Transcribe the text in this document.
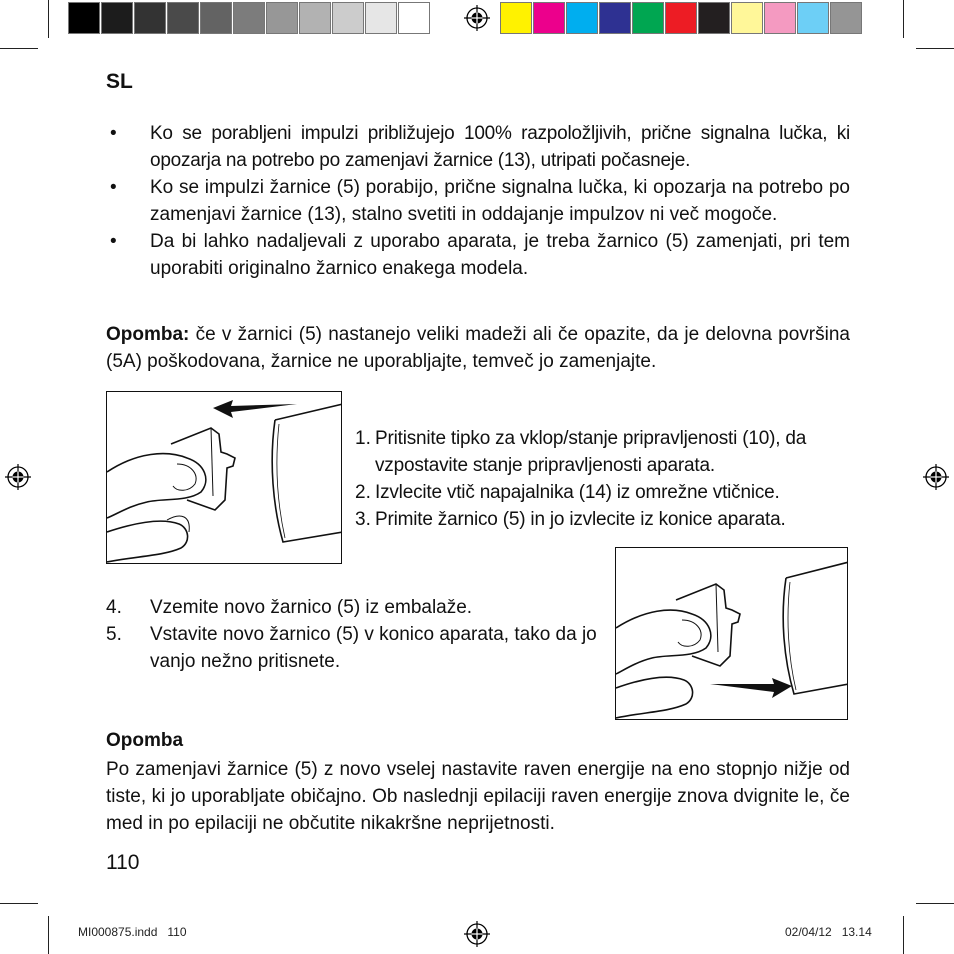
SL
•	Ko se porabljeni impulzi približujejo 100% razpoložljivih, prične signalna lučka, ki opozarja na potrebo po zamenjavi žarnice (13), utripati počasneje.
•	Ko se impulzi žarnice (5) porabijo, prične signalna lučka, ki opozarja na potrebo po zamenjavi žarnice (13), stalno svetiti in oddajanje impulzov ni več mogoče.
•	Da bi lahko nadaljevali z uporabo aparata, je treba žarnico (5) zamenjati, pri tem uporabiti originalno žarnico enakega modela.
Opomba: če v žarnici (5) nastanejo veliki madeži ali če opazite, da je delovna površina (5A) poškodovana, žarnice ne uporabljajte, temveč jo zamenjajte.
1. Pritisnite tipko za vklop/stanje pripravljenosti (10), da vzpostavite stanje pripravljenosti aparata.
2. Izvlecite vtič napajalnika (14) iz omrežne vtičnice.
3. Primite žarnico (5) in jo izvlecite iz konice aparata.
4.	Vzemite novo žarnico (5) iz embalaže.
5.	Vstavite novo žarnico (5) v konico aparata, tako da jo vanjo nežno pritisnete.
Opomba
Po zamenjavi žarnice (5) z novo vselej nastavite raven energije na eno stopnjo nižje od tiste, ki jo uporabljate običajno. Ob naslednji epilaciji raven energije znova dvignite le, če med in po epilaciji ne občutite nikakršne neprijetnosti.
110
MI000875.indd   110	02/04/12   13.14
